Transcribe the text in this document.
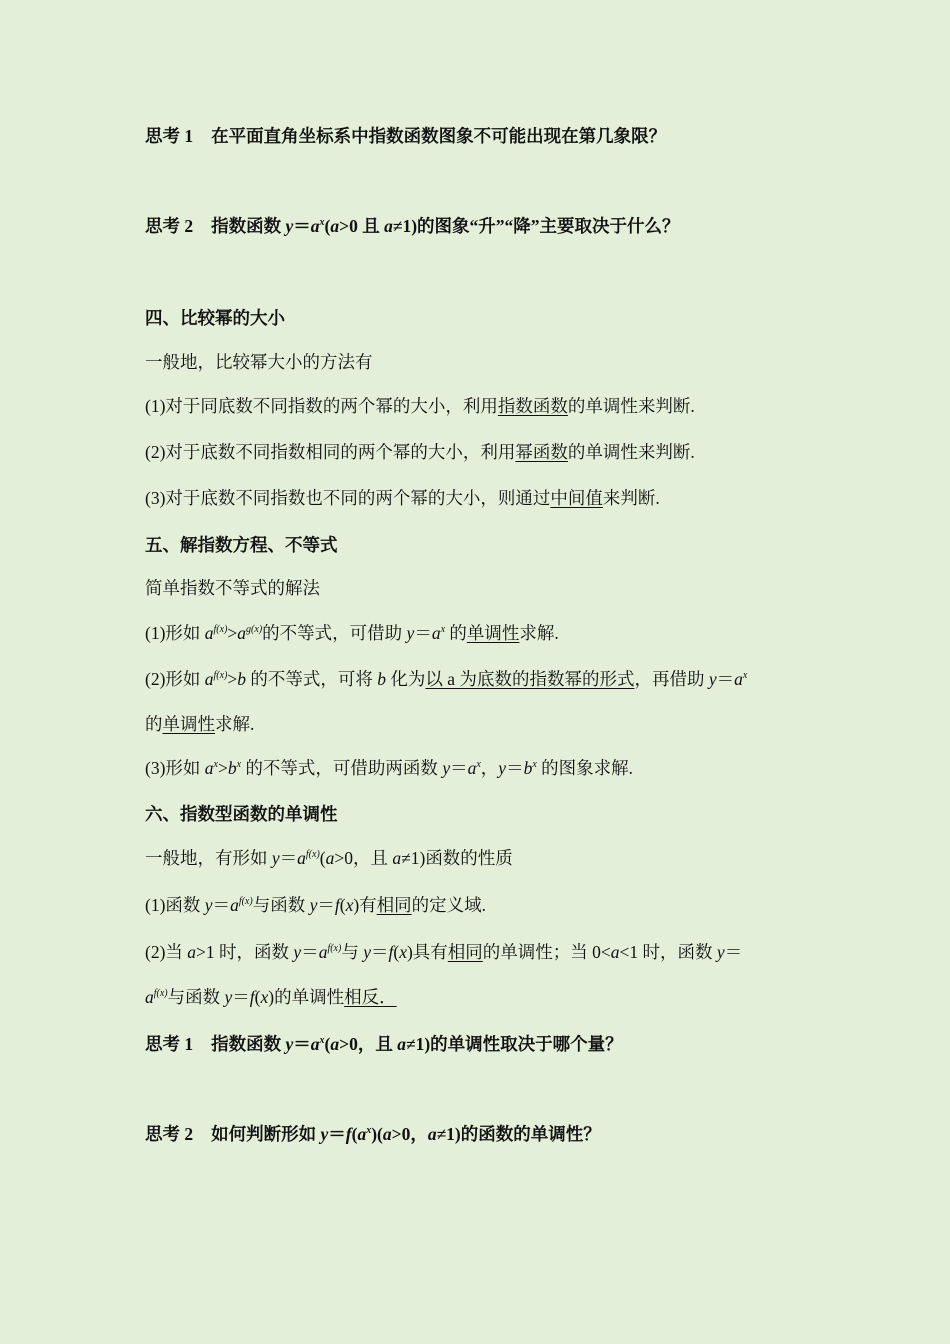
思考 1 在平面直角坐标系中指数函数图象不可能出现在第几象限？
思考 2 指数函数 $y=a^x(a>0$ 且 a≠1)的图象“升”“降”主要取决于什么？
四、比较幂的大小
一般地，比较幂大小的方法有
(1)对于同底数不同指数的两个幂的大小，利用指数函数的单调性来判断.
(2)对于底数不同指数相同的两个幂的大小，利用幂函数的单调性来判断.
(3)对于底数不同指数也不同的两个幂的大小，则通过中间值来判断.
五、解指数方程、不等式
简单指数不等式的解法
(1)形如 $a^{f(x)}>a^{g(x)}$的不等式，可借助 $y=a^x$ 的单调性求解.
(2)形如 $a^{f(x)}>b$ 的不等式，可将 b 化为以 a 为底数的指数幂的形式，再借助 $y=a^x$
的单调性求解.
(3)形如 $a^x>b^x$ 的不等式，可借助两函数 $y=a^x$，$y=b^x$ 的图象求解.
六、指数型函数的单调性
一般地，有形如 $y=a^{f(x)}(a>0$，且 a≠1)函数的性质
(1)函数 $y=a^{f(x)}$与函数 y＝f(x)有相同的定义域.
(2)当 a>1 时，函数 $y=a^{f(x)}$与 y＝f(x)具有相同的单调性；当 0<a<1 时，函数 y＝
$a^{f(x)}$与函数 y＝f(x)的单调性相反．
思考 1 指数函数 $y=a^x(a>0$，且 a≠1)的单调性取决于哪个量？
思考 2 如何判断形如 $y=f(a^x)(a>0$，a≠1)的函数的单调性？
